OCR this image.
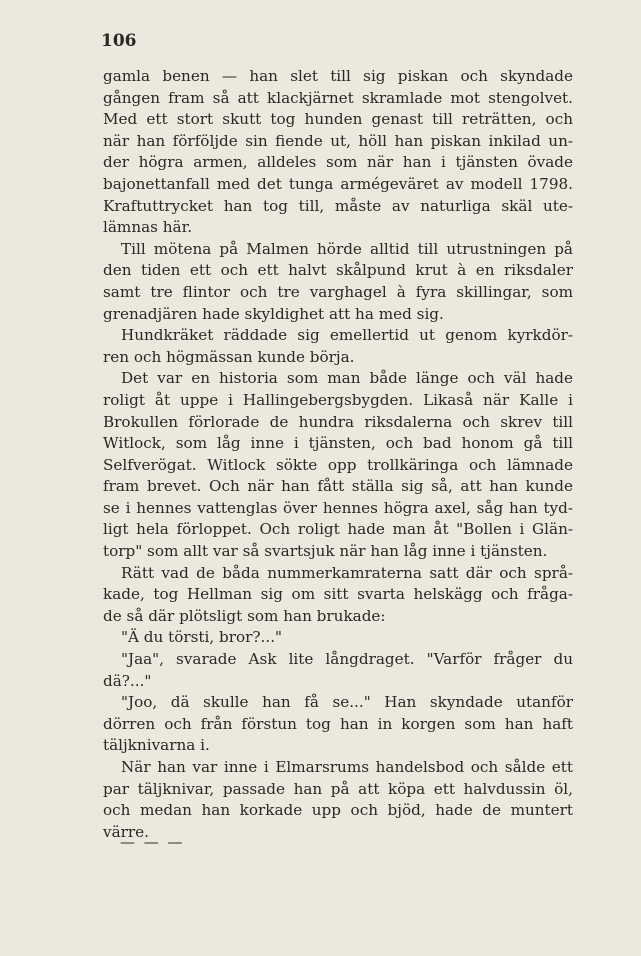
106
gamla benen — han slet till sig piskan och skyndade
gången fram så att klackjärnet skramlade mot stengolvet.
Med ett stort skutt tog hunden genast till reträtten, och
när han förföljde sin fiende ut, höll han piskan inkilad un-
der högra armen, alldeles som när han i tjänsten övade
bajonettanfall med det tunga armégeväret av modell 1798.
Kraftuttrycket han tog till, måste av naturliga skäl ute-
lämnas här.
Till mötena på Malmen hörde alltid till utrustningen på
den tiden ett och ett halvt skålpund krut à en riksdaler
samt tre flintor och tre varghagel à fyra skillingar, som
grenadjären hade skyldighet att ha med sig.
Hundkräket räddade sig emellertid ut genom kyrkdör-
ren och högmässan kunde börja.
Det var en historia som man både länge och väl hade
roligt åt uppe i Hallingebergsbygden. Likaså när Kalle i
Brokullen förlorade de hundra riksdalerna och skrev till
Witlock, som låg inne i tjänsten, och bad honom gå till
Selfverögat. Witlock sökte opp trollkäringa och lämnade
fram brevet. Och när han fått ställa sig så, att han kunde
se i hennes vattenglas över hennes högra axel, såg han tyd-
ligt hela förloppet. Och roligt hade man åt "Bollen i Glän-
torp" som allt var så svartsjuk när han låg inne i tjänsten.
Rätt vad de båda nummerkamraterna satt där och språ-
kade, tog Hellman sig om sitt svarta helskägg och fråga-
de så där plötsligt som han brukade:
"Ä du törsti, bror?..."
"Jaa", svarade Ask lite långdraget. "Varför fråger du
dä?..."
"Joo, dä skulle han få se..." Han skyndade utanför
dörren och från förstun tog han in korgen som han haft
täljknivarna i.
När han var inne i Elmarsrums handelsbod och sålde ett
par täljknivar, passade han på att köpa ett halvdussin öl,
och medan han korkade upp och bjöd, hade de muntert
värre.
— — —
